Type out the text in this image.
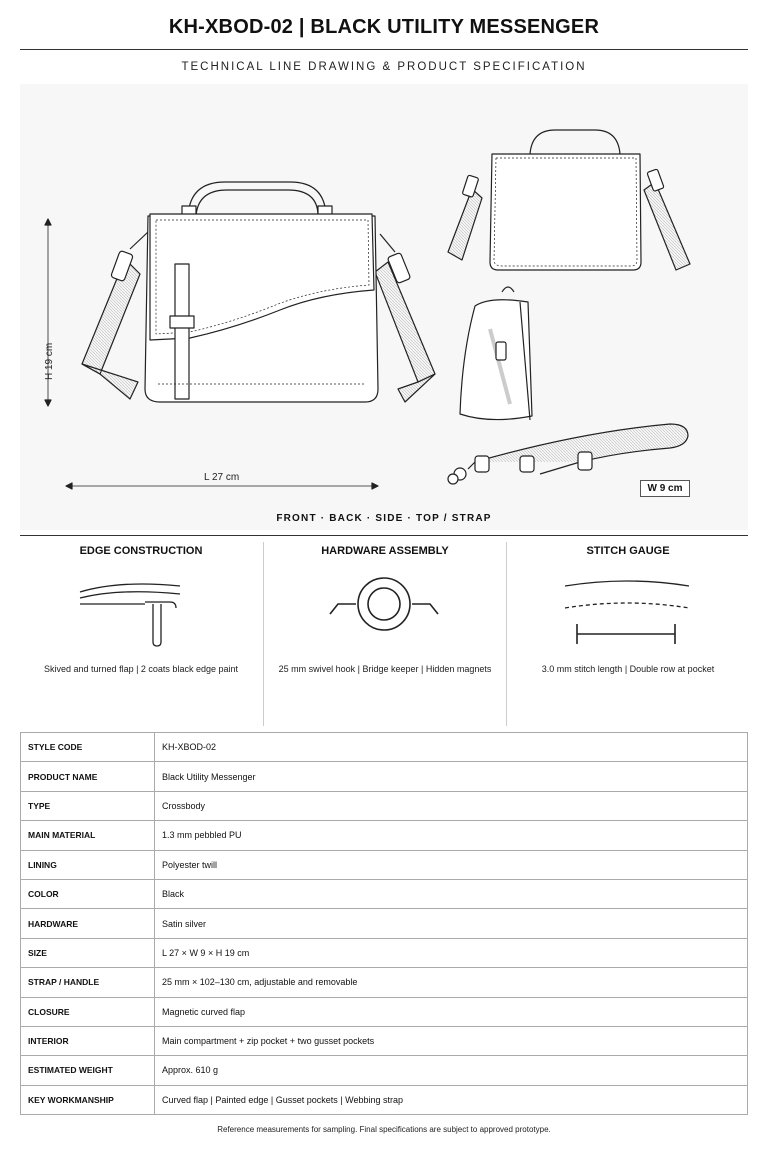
KH-XBOD-02 | BLACK UTILITY MESSENGER
TECHNICAL LINE DRAWING & PRODUCT SPECIFICATION
H 19 cm
L 27 cm
W 9 cm
FRONT · BACK · SIDE · TOP / STRAP
EDGE CONSTRUCTION

Skived and turned flap | 2 coats black edge paint

HARDWARE ASSEMBLY

25 mm swivel hook | Bridge keeper | Hidden magnets

STITCH GAUGE

3.0 mm stitch length | Double row at pocket

STYLE CODE	KH-XBOD-02
PRODUCT NAME	Black Utility Messenger
TYPE	Crossbody
MAIN MATERIAL	1.3 mm pebbled PU
LINING	Polyester twill
COLOR	Black
HARDWARE	Satin silver
SIZE	L 27 × W 9 × H 19 cm
STRAP / HANDLE	25 mm × 102–130 cm, adjustable and removable
CLOSURE	Magnetic curved flap
INTERIOR	Main compartment + zip pocket + two gusset pockets
ESTIMATED WEIGHT	Approx. 610 g
KEY WORKMANSHIP	Curved flap | Painted edge | Gusset pockets | Webbing strap
Reference measurements for sampling. Final specifications are subject to approved prototype.
